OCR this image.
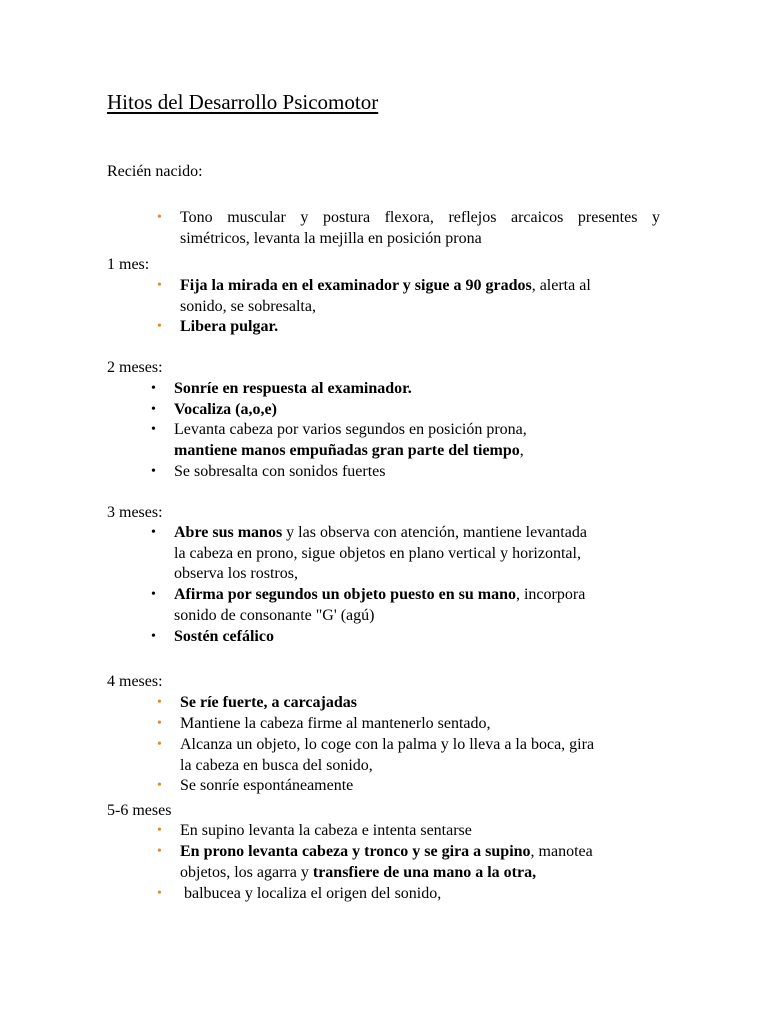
Hitos del Desarrollo Psicomotor

Recién nacido:

• Tono muscular y postura flexora, reflejos arcaicos presentes y
simétricos, levanta la mejilla en posición prona

1 mes:

• Fija la mirada en el examinador y sigue a 90 grados, alerta al
sonido, se sobresalta,

• Libera pulgar.

2 meses:

• Sonríe en respuesta al examinador.

• Vocaliza (a,o,e)

• Levanta cabeza por varios segundos en posición prona,
mantiene manos empuñadas gran parte del tiempo,

• Se sobresalta con sonidos fuertes

3 meses:

• Abre sus manos y las observa con atención, mantiene levantada
la cabeza en prono, sigue objetos en plano vertical y horizontal,
observa los rostros,

• Afirma por segundos un objeto puesto en su mano, incorpora
sonido de consonante "G' (agú)

• Sostén cefálico

4 meses:

• Se ríe fuerte, a carcajadas

• Mantiene la cabeza firme al mantenerlo sentado,

• Alcanza un objeto, lo coge con la palma y lo lleva a la boca, gira
la cabeza en busca del sonido,

• Se sonríe espontáneamente

5-6 meses

• En supino levanta la cabeza e intenta sentarse

• En prono levanta cabeza y tronco y se gira a supino, manotea
objetos, los agarra y transfiere de una mano a la otra,

• balbucea y localiza el origen del sonido,
